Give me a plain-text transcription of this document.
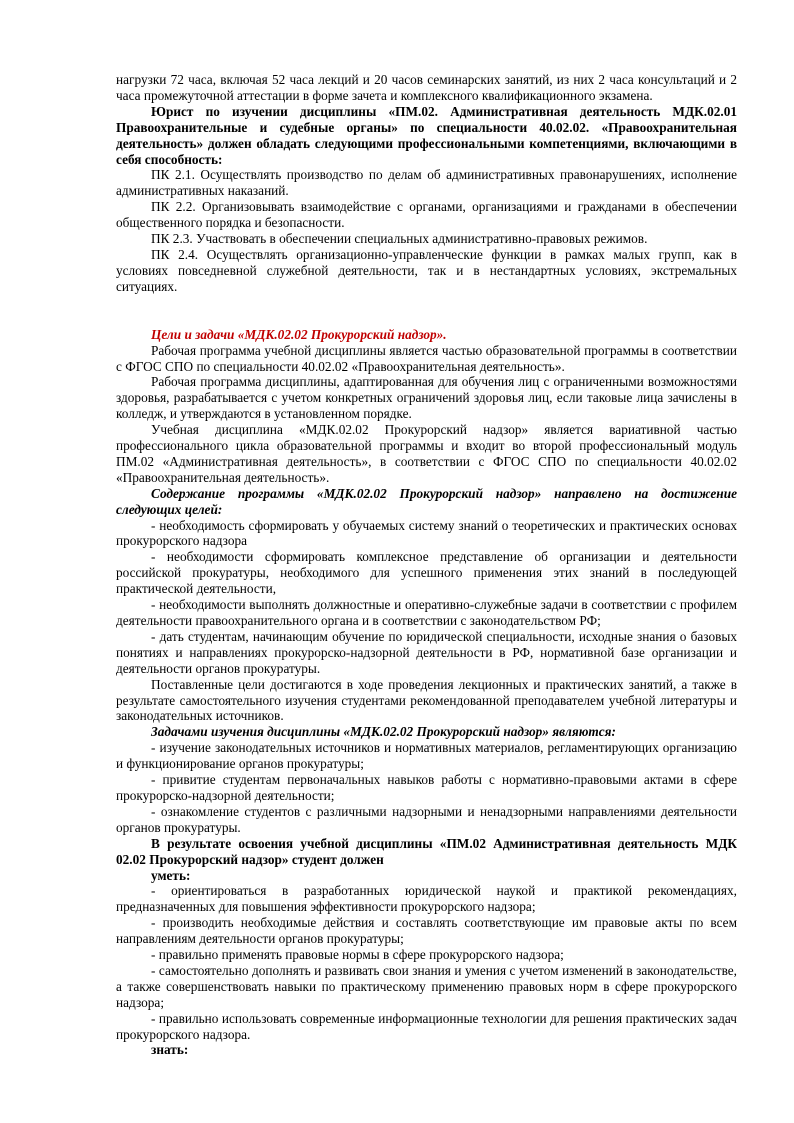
нагрузки 72 часа, включая 52 часа лекций и 20 часов семинарских занятий, из них 2 часа консультаций и 2 часа промежуточной аттестации в форме зачета и комплексного квалификационного экзамена.

Юрист по изучении дисциплины «ПМ.02. Административная деятельность МДК.02.01 Правоохранительные и судебные органы» по специальности 40.02.02. «Правоохранительная деятельность» должен обладать следующими профессиональными компетенциями, включающими в себя способность:

ПК 2.1. Осуществлять производство по делам об административных правонарушениях, исполнение административных наказаний.

ПК 2.2. Организовывать взаимодействие с органами, организациями и гражданами в обеспечении общественного порядка и безопасности.

ПК 2.3. Участвовать в обеспечении специальных административно-правовых режимов.

ПК 2.4. Осуществлять организационно-управленческие функции в рамках малых групп, как в условиях повседневной служебной деятельности, так и в нестандартных условиях, экстремальных ситуациях.

Цели и задачи «МДК.02.02 Прокурорский надзор».

Рабочая программа учебной дисциплины является частью образовательной программы в соответствии с ФГОС СПО по специальности 40.02.02 «Правоохранительная деятельность».

Рабочая программа дисциплины, адаптированная для обучения лиц с ограниченными возможностями здоровья, разрабатывается с учетом конкретных ограничений здоровья лиц, если таковые лица зачислены в колледж, и утверждаются в установленном порядке.

Учебная дисциплина «МДК.02.02 Прокурорский надзор» является вариативной частью профессионального цикла образовательной программы и входит во второй профессиональный модуль ПМ.02 «Административная деятельность», в соответствии с ФГОС СПО по специальности 40.02.02 «Правоохранительная деятельность».

Содержание программы «МДК.02.02 Прокурорский надзор» направлено на достижение следующих целей:

- необходимость сформировать у обучаемых систему знаний о теоретических и практических основах прокурорского надзора

- необходимости сформировать комплексное представление об организации и деятельности российской прокуратуры, необходимого для успешного применения этих знаний в последующей практической деятельности,

- необходимости выполнять должностные и оперативно-служебные задачи в соответствии с профилем деятельности правоохранительного органа и в соответствии с законодательством РФ;

- дать студентам, начинающим обучение по юридической специальности, исходные знания о базовых понятиях и направлениях прокурорско-надзорной деятельности в РФ, нормативной базе организации и деятельности органов прокуратуры.

Поставленные цели достигаются в ходе проведения лекционных и практических занятий, а также в результате самостоятельного изучения студентами рекомендованной преподавателем учебной литературы и законодательных источников.

Задачами изучения дисциплины «МДК.02.02 Прокурорский надзор» являются:

- изучение законодательных источников и нормативных материалов, регламентирующих организацию и функционирование органов прокуратуры;

- привитие студентам первоначальных навыков работы с нормативно-правовыми актами в сфере прокурорско-надзорной деятельности;

- ознакомление студентов с различными надзорными и ненадзорными направлениями деятельности органов прокуратуры.

В результате освоения учебной дисциплины «ПМ.02 Административная деятельность МДК 02.02 Прокурорский надзор» студент должен

уметь:

- ориентироваться в разработанных юридической наукой и практикой рекомендациях, предназначенных для повышения эффективности прокурорского надзора;

- производить необходимые действия и составлять соответствующие им правовые акты по всем направлениям деятельности органов прокуратуры;

- правильно применять правовые нормы в сфере прокурорского надзора;

- самостоятельно дополнять и развивать свои знания и умения с учетом изменений в законодательстве, а также совершенствовать навыки по практическому применению правовых норм в сфере прокурорского надзора;

- правильно использовать современные информационные технологии для решения практических задач прокурорского надзора.

знать:
